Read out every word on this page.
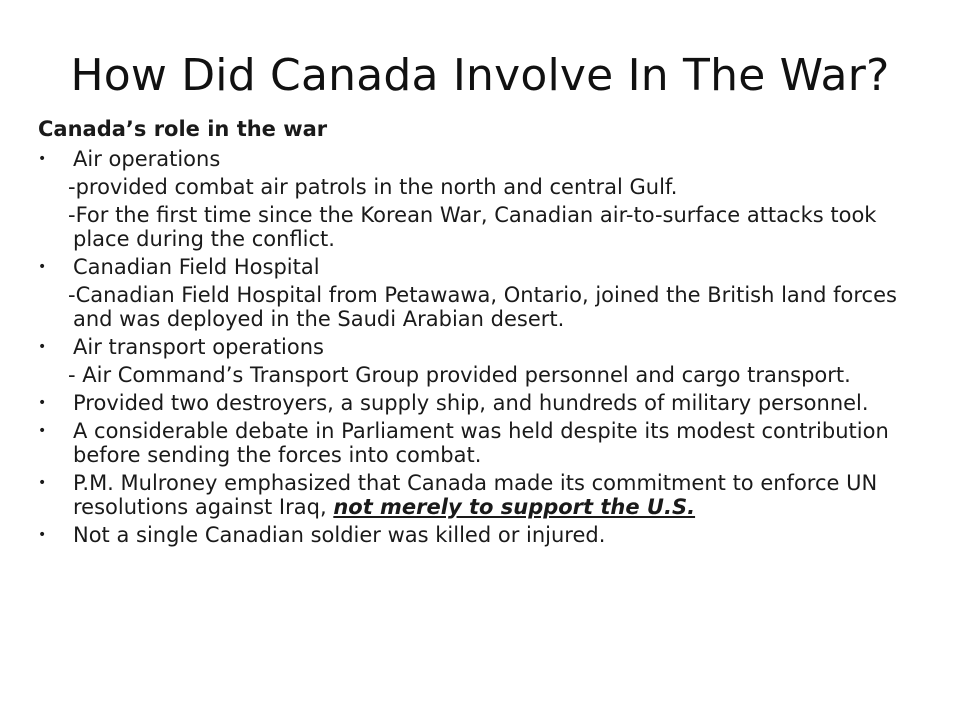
How Did Canada Involve In The War?
Canada’s role in the war
• Air operations
-provided combat air patrols in the north and central Gulf.
-For the first time since the Korean War, Canadian air-to-surface attacks took place during the conflict.
• Canadian Field Hospital
-Canadian Field Hospital from Petawawa, Ontario, joined the British land forces and was deployed in the Saudi Arabian desert.
• Air transport operations
- Air Command’s Transport Group provided personnel and cargo transport.
• Provided two destroyers, a supply ship, and hundreds of military personnel.
• A considerable debate in Parliament was held despite its modest contribution before sending the forces into combat.
• P.M. Mulroney emphasized that Canada made its commitment to enforce UN resolutions against Iraq, not merely to support the U.S.
• Not a single Canadian soldier was killed or injured.
